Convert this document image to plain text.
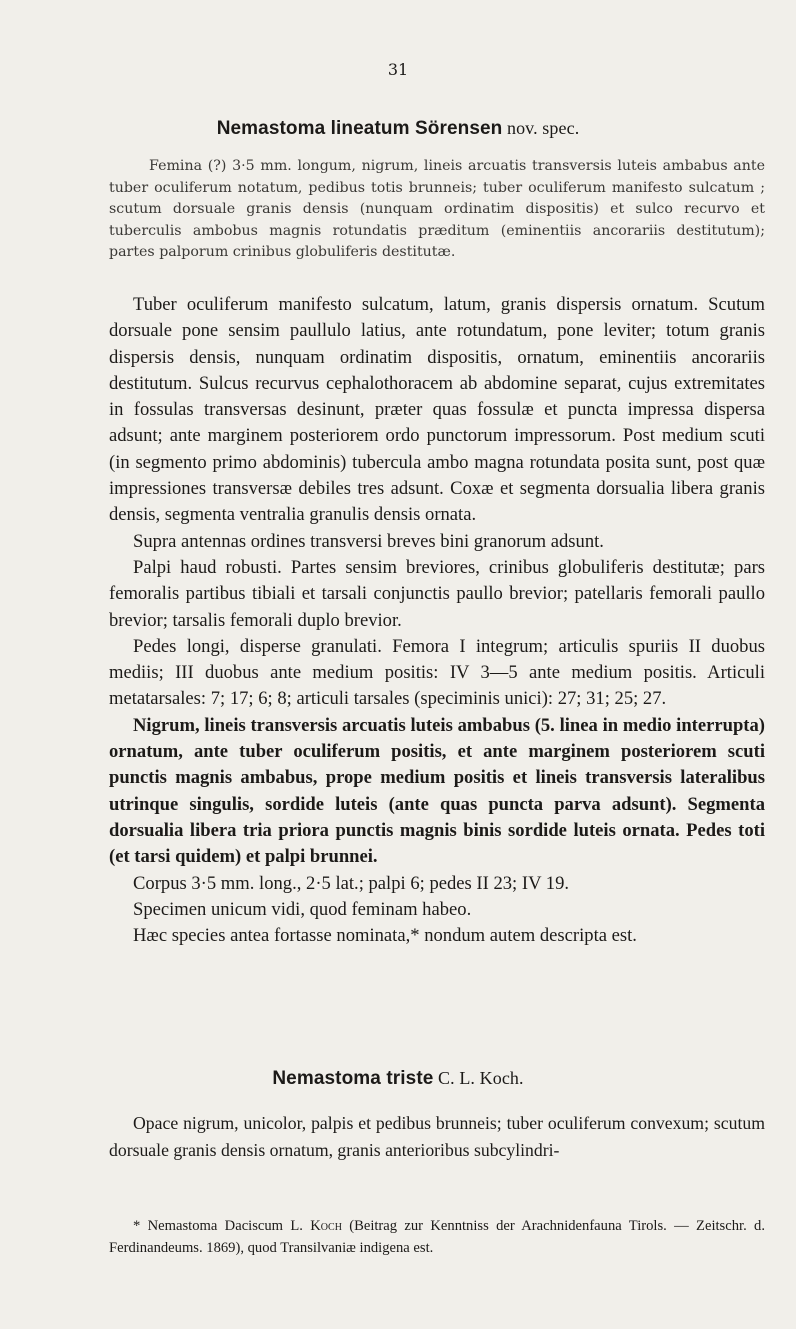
31
Nemastoma lineatum Sörensen nov. spec.

Femina (?) 3·5 mm. longum, nigrum, lineis arcuatis transversis luteis ambabus ante tuber oculiferum notatum, pedibus totis brunneis; tuber oculiferum manifesto sulcatum ; scutum dorsuale granis densis (nunquam ordinatim dispositis) et sulco recurvo et tuberculis ambobus magnis rotundatis præditum (eminentiis ancorariis destitutum); partes palporum crinibus globuliferis destitutæ.

Tuber oculiferum manifesto sulcatum, latum, granis dispersis ornatum. Scutum dorsuale pone sensim paullulo latius, ante rotundatum, pone leviter; totum granis dispersis densis, nunquam ordinatim dispositis, ornatum, eminentiis ancorariis destitutum. Sulcus recurvus cephalothoracem ab abdomine separat, cujus extremitates in fossulas transversas desinunt, præter quas fossulæ et puncta impressa dispersa adsunt; ante marginem posteriorem ordo punctorum impressorum. Post medium scuti (in segmento primo abdominis) tubercula ambo magna rotundata posita sunt, post quæ impressiones transversæ debiles tres adsunt. Coxæ et segmenta dorsualia libera granis densis, segmenta ventralia granulis densis ornata.

Supra antennas ordines transversi breves bini granorum adsunt.

Palpi haud robusti. Partes sensim breviores, crinibus globuliferis destitutæ; pars femoralis partibus tibiali et tarsali conjunctis paullo brevior; patellaris femorali paullo brevior; tarsalis femorali duplo brevior.

Pedes longi, disperse granulati. Femora I integrum; articulis spuriis II duobus mediis; III duobus ante medium positis: IV 3—5 ante medium positis. Articuli metatarsales: 7; 17; 6; 8; articuli tarsales (speciminis unici): 27; 31; 25; 27.

Nigrum, lineis transversis arcuatis luteis ambabus (5. linea in medio interrupta) ornatum, ante tuber oculiferum positis, et ante marginem posteriorem scuti punctis magnis ambabus, prope medium positis et lineis transversis lateralibus utrinque singulis, sordide luteis (ante quas puncta parva adsunt). Segmenta dorsualia libera tria priora punctis magnis binis sordide luteis ornata. Pedes toti (et tarsi quidem) et palpi brunnei.

Corpus 3·5 mm. long., 2·5 lat.; palpi 6; pedes II 23; IV 19.

Specimen unicum vidi, quod feminam habeo.

Hæc species antea fortasse nominata,* nondum autem descripta est.

Nemastoma triste C. L. Koch.

Opace nigrum, unicolor, palpis et pedibus brunneis; tuber oculiferum convexum; scutum dorsuale granis densis ornatum, granis anterioribus subcylindri-

* Nemastoma Daciscum L. Koch (Beitrag zur Kenntniss der Arachnidenfauna Tirols. — Zeitschr. d. Ferdinandeums. 1869), quod Transilvaniæ indigena est.
